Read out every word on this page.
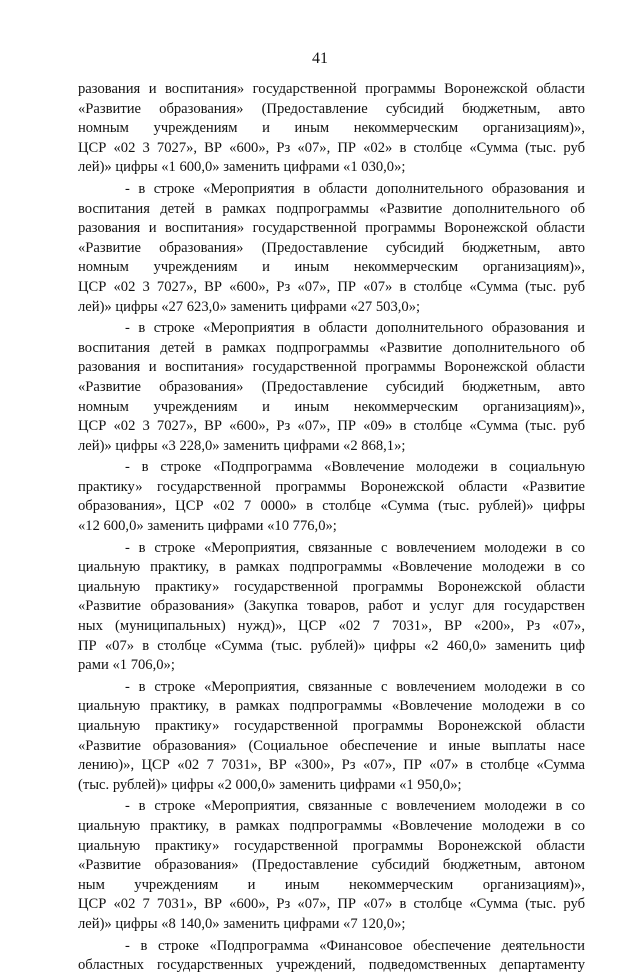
41
разования и воспитания» государственной программы Воронежской области
«Развитие образования» (Предоставление субсидий бюджетным, авто
номным учреждениям и иным некоммерческим организациям)»,
ЦСР «02 3 7027», ВР «600», Рз «07», ПР «02» в столбце «Сумма (тыс. руб
лей)» цифры «1 600,0» заменить цифрами «1 030,0»;
- в строке «Мероприятия в области дополнительного образования и
воспитания детей в рамках подпрограммы «Развитие дополнительного об
разования и воспитания» государственной программы Воронежской области
«Развитие образования» (Предоставление субсидий бюджетным, авто
номным учреждениям и иным некоммерческим организациям)»,
ЦСР «02 3 7027», ВР «600», Рз «07», ПР «07» в столбце «Сумма (тыс. руб
лей)» цифры «27 623,0» заменить цифрами «27 503,0»;
- в строке «Мероприятия в области дополнительного образования и
воспитания детей в рамках подпрограммы «Развитие дополнительного об
разования и воспитания» государственной программы Воронежской области
«Развитие образования» (Предоставление субсидий бюджетным, авто
номным учреждениям и иным некоммерческим организациям)»,
ЦСР «02 3 7027», ВР «600», Рз «07», ПР «09» в столбце «Сумма (тыс. руб
лей)» цифры «3 228,0» заменить цифрами «2 868,1»;
- в строке «Подпрограмма «Вовлечение молодежи в социальную
практику» государственной программы Воронежской области «Развитие
образования», ЦСР «02 7 0000» в столбце «Сумма (тыс. рублей)» цифры
«12 600,0» заменить цифрами «10 776,0»;
- в строке «Мероприятия, связанные с вовлечением молодежи в со
циальную практику, в рамках подпрограммы «Вовлечение молодежи в со
циальную практику» государственной программы Воронежской области
«Развитие образования» (Закупка товаров, работ и услуг для государствен
ных (муниципальных) нужд)», ЦСР «02 7 7031», ВР «200», Рз «07»,
ПР «07» в столбце «Сумма (тыс. рублей)» цифры «2 460,0» заменить циф
рами «1 706,0»;
- в строке «Мероприятия, связанные с вовлечением молодежи в со
циальную практику, в рамках подпрограммы «Вовлечение молодежи в со
циальную практику» государственной программы Воронежской области
«Развитие образования» (Социальное обеспечение и иные выплаты насе
лению)», ЦСР «02 7 7031», ВР «300», Рз «07», ПР «07» в столбце «Сумма
(тыс. рублей)» цифры «2 000,0» заменить цифрами «1 950,0»;
- в строке «Мероприятия, связанные с вовлечением молодежи в со
циальную практику, в рамках подпрограммы «Вовлечение молодежи в со
циальную практику» государственной программы Воронежской области
«Развитие образования» (Предоставление субсидий бюджетным, автоном
ным учреждениям и иным некоммерческим организациям)»,
ЦСР «02 7 7031», ВР «600», Рз «07», ПР «07» в столбце «Сумма (тыс. руб
лей)» цифры «8 140,0» заменить цифрами «7 120,0»;
- в строке «Подпрограмма «Финансовое обеспечение деятельности
областных государственных учреждений, подведомственных департаменту
